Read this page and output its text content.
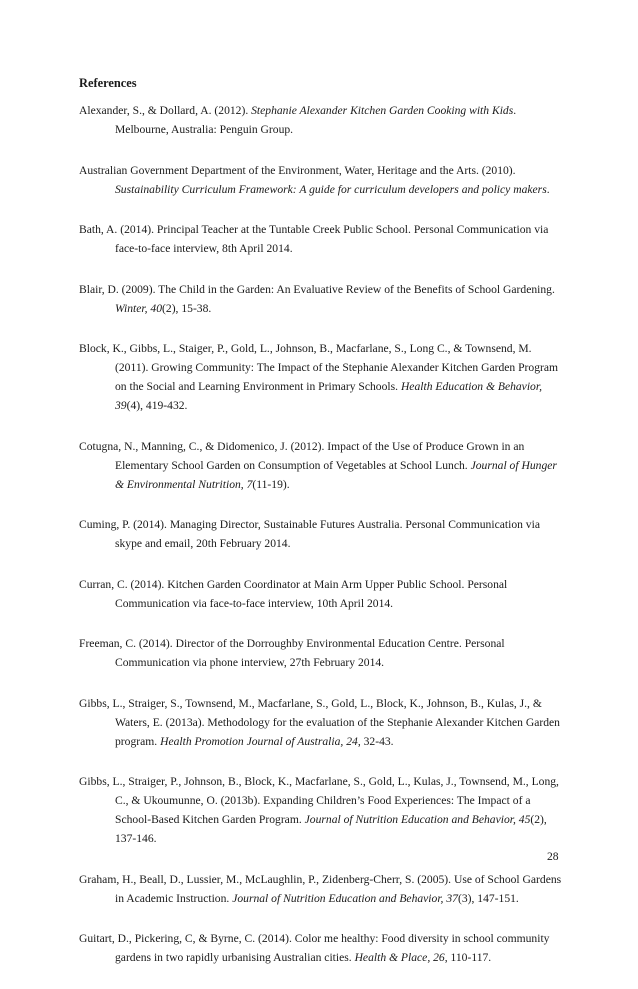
References

Alexander, S., & Dollard, A. (2012). Stephanie Alexander Kitchen Garden Cooking with Kids. Melbourne, Australia: Penguin Group.

Australian Government Department of the Environment, Water, Heritage and the Arts. (2010). Sustainability Curriculum Framework: A guide for curriculum developers and policy makers.

Bath, A. (2014). Principal Teacher at the Tuntable Creek Public School. Personal Communication via face-to-face interview, 8th April 2014.

Blair, D. (2009). The Child in the Garden: An Evaluative Review of the Benefits of School Gardening. Winter, 40(2), 15-38.

Block, K., Gibbs, L., Staiger, P., Gold, L., Johnson, B., Macfarlane, S., Long C., & Townsend, M. (2011). Growing Community: The Impact of the Stephanie Alexander Kitchen Garden Program on the Social and Learning Environment in Primary Schools. Health Education & Behavior, 39(4), 419-432.

Cotugna, N., Manning, C., & Didomenico, J. (2012). Impact of the Use of Produce Grown in an Elementary School Garden on Consumption of Vegetables at School Lunch. Journal of Hunger & Environmental Nutrition, 7(11-19).

Cuming, P. (2014). Managing Director, Sustainable Futures Australia. Personal Communication via skype and email, 20th February 2014.

Curran, C. (2014). Kitchen Garden Coordinator at Main Arm Upper Public School. Personal Communication via face-to-face interview, 10th April 2014.

Freeman, C. (2014). Director of the Dorroughby Environmental Education Centre. Personal Communication via phone interview, 27th February 2014.

Gibbs, L., Straiger, S., Townsend, M., Macfarlane, S., Gold, L., Block, K., Johnson, B., Kulas, J., & Waters, E. (2013a). Methodology for the evaluation of the Stephanie Alexander Kitchen Garden program. Health Promotion Journal of Australia, 24, 32-43.

Gibbs, L., Straiger, P., Johnson, B., Block, K., Macfarlane, S., Gold, L., Kulas, J., Townsend, M., Long, C., & Ukoumunne, O. (2013b). Expanding Children’s Food Experiences: The Impact of a School-Based Kitchen Garden Program. Journal of Nutrition Education and Behavior, 45(2), 137-146.

Graham, H., Beall, D., Lussier, M., McLaughlin, P., Zidenberg-Cherr, S. (2005). Use of School Gardens in Academic Instruction. Journal of Nutrition Education and Behavior, 37(3), 147-151.

Guitart, D., Pickering, C, & Byrne, C. (2014). Color me healthy: Food diversity in school community gardens in two rapidly urbanising Australian cities. Health & Place, 26, 110-117.

28
